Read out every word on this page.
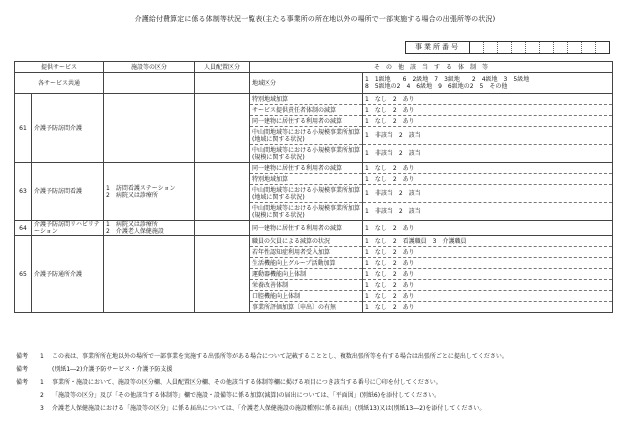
介護給付費算定に係る体制等状況一覧表(主たる事業所の所在地以外の場所で一部実施する場合の出張所等の状況)
事業所番号
提供サービス		施設等の区分	人員配置区分	そ　の　他　該　当　す　る　体　制　等	
各サービス共通				地域区分	1　1級地　　6　2級地　7　3級地　　2　4級地　3　5級地
8　5級地の2　4　6級地　9　6級地の2　5　その他

61	介護予防訪問介護			特別地域加算	1　なし　2　あり
				サービス提供責任者体制の減算	1　なし　2　あり
				同一建物に居住する利用者の減算	1　なし　2　あり
				中山間地域等における小規模事業所加算(地域に関する状況)	1　非該当　2　該当
				中山間地域等における小規模事業所加算(規模に関する状況)	1　非該当　2　該当
63	介護予防訪問看護	1　訪問看護ステーション
2　病院又は診療所		同一建物に居住する利用者の減算	1　なし　2　あり
				特別地域加算	1　なし　2　あり
				中山間地域等における小規模事業所加算(地域に関する状況)	1　非該当　2　該当
				中山間地域等における小規模事業所加算(規模に関する状況)	1　非該当　2　該当
64	介護予防訪問リハビリテーション	1　病院又は診療所
2　介護老人保健施設		同一建物に居住する利用者の減算	1　なし　2　あり
65	介護予防通所介護			職員の欠員による減算の状況	1　なし　2　看護職員　3　介護職員
				若年性認知症利用者受入加算	1　なし　2　あり
				生活機能向上グループ活動加算	1　なし　2　あり
				運動器機能向上体制	1　なし　2　あり
				栄養改善体制	1　なし　2　あり
				口腔機能向上体制	1　なし　2　あり
				事業所評価加算〔申出〕の有無	1　なし　2　あり
備考 1 この表は、事業所所在地以外の場所で一部事業を実施する出張所等がある場合について記載することとし、複数出張所等を有する場合は出張所ごとに提出してください。
備考	(別紙1―2)介護予防サービス・介護予防支援
備考 1 事業所・施設において、施設等の区分欄、人員配置区分欄、その他該当する体制等欄に掲げる項目につき該当する番号に〇印を付してください。
2 「施設等の区分」及び「その他該当する体制等」欄で施設・設備等に係る加算(減算)の届出については、「平面図」(別紙6)を添付してください。
3 介護老人保健施設における「施設等の区分」に係る届出については、「介護老人保健施設の施設種別に係る届出」(別紙13)又は(別紙13―2)を添付してください。
